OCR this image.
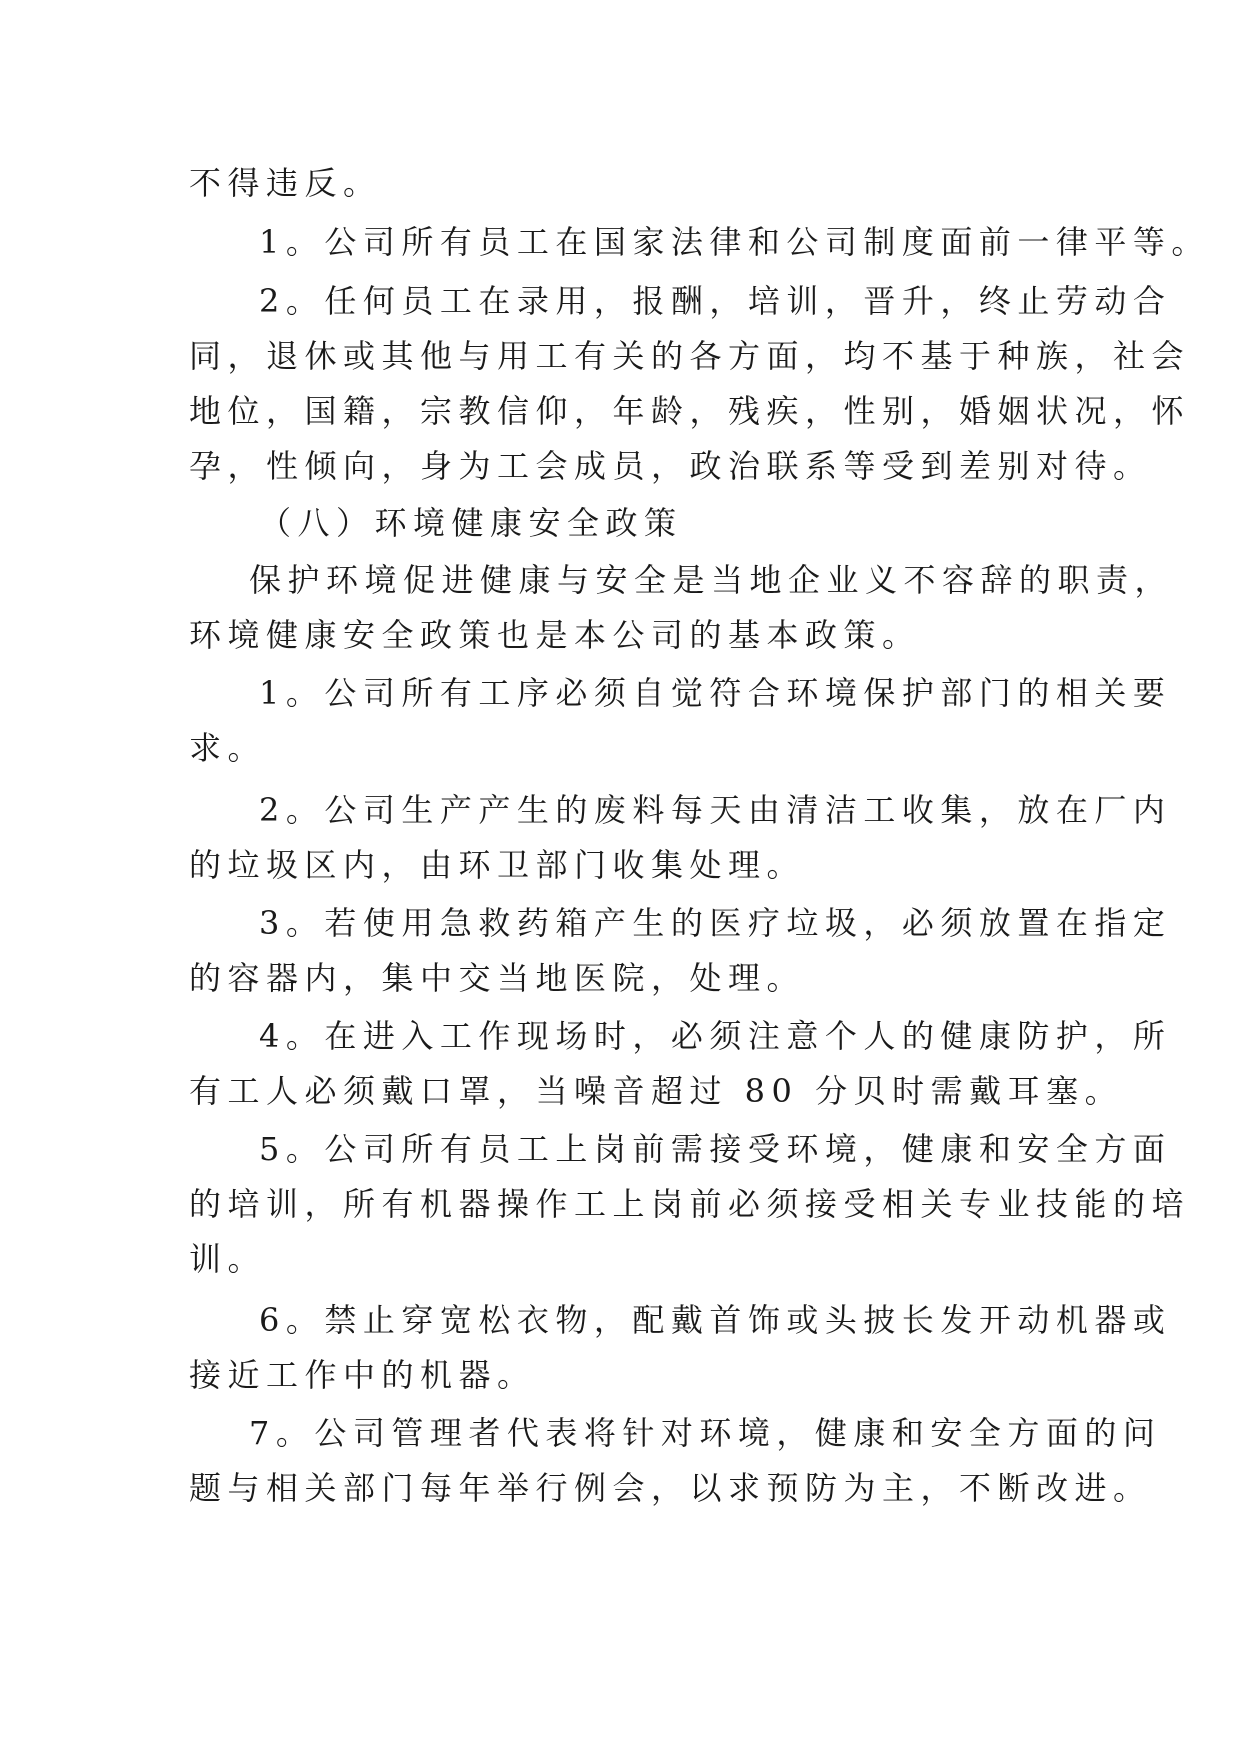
不得违反。
1。公司所有员工在国家法律和公司制度面前一律平等。
2。任何员工在录用，报酬，培训，晋升，终止劳动合
同，退休或其他与用工有关的各方面，均不基于种族，社会
地位，国籍，宗教信仰，年龄，残疾，性别，婚姻状况，怀
孕，性倾向，身为工会成员，政治联系等受到差别对待。
（八）环境健康安全政策
保护环境促进健康与安全是当地企业义不容辞的职责，
环境健康安全政策也是本公司的基本政策。
1。公司所有工序必须自觉符合环境保护部门的相关要
求。
2。公司生产产生的废料每天由清洁工收集，放在厂内
的垃圾区内，由环卫部门收集处理。
3。若使用急救药箱产生的医疗垃圾，必须放置在指定
的容器内，集中交当地医院，处理。
4。在进入工作现场时，必须注意个人的健康防护，所
有工人必须戴口罩，当噪音超过 80 分贝时需戴耳塞。
5。公司所有员工上岗前需接受环境，健康和安全方面
的培训，所有机器操作工上岗前必须接受相关专业技能的培
训。
6。禁止穿宽松衣物，配戴首饰或头披长发开动机器或
接近工作中的机器。
7。公司管理者代表将针对环境，健康和安全方面的问
题与相关部门每年举行例会，以求预防为主，不断改进。
